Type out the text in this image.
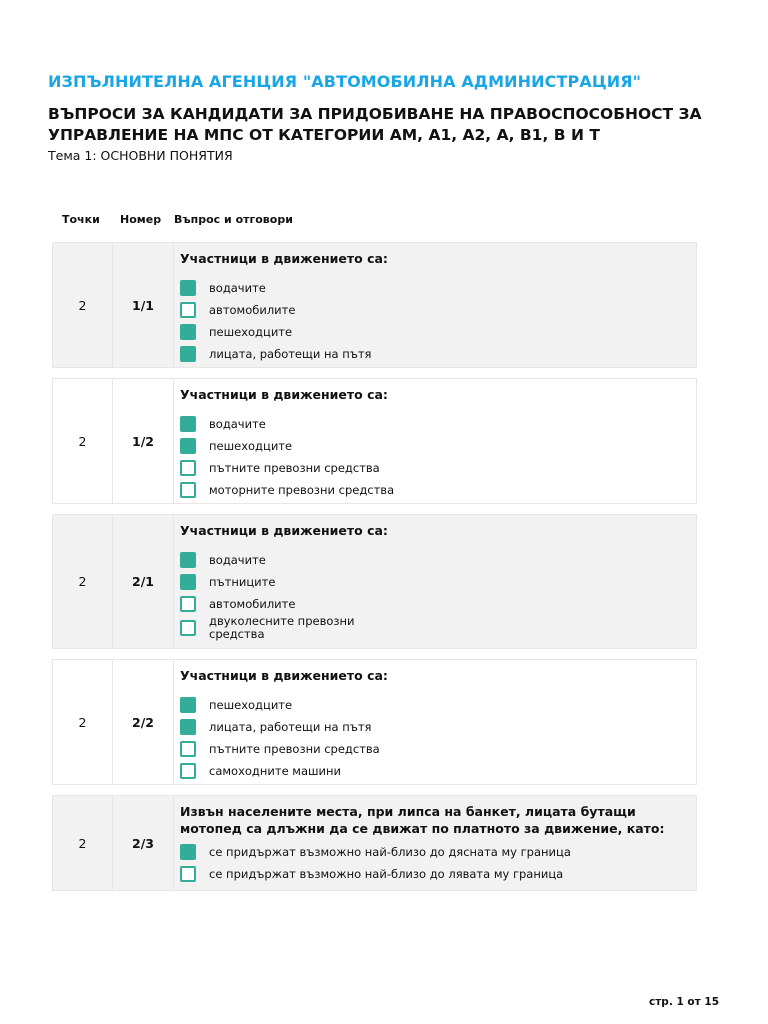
ИЗПЪЛНИТЕЛНА АГЕНЦИЯ "АВТОМОБИЛНА АДМИНИСТРАЦИЯ"
ВЪПРОСИ ЗА КАНДИДАТИ ЗА ПРИДОБИВАНЕ НА ПРАВОСПОСОБНОСТ ЗА УПРАВЛЕНИЕ НА МПС ОТ КАТЕГОРИИ АМ, А1, А2, А, В1, В И Т
Тема 1: ОСНОВНИ ПОНЯТИЯ
Точки Номер Въпрос и отговори
2	1/1
Участници в движението са:
водачите
автомобилите
пешеходците
лицата, работещи на пътя
2	1/2
Участници в движението са:
водачите
пешеходците
пътните превозни средства
моторните превозни средства
2	2/1
Участници в движението са:
водачите
пътниците
автомобилите
двуколесните превозни средства
2	2/2
Участници в движението са:
пешеходците
лицата, работещи на пътя
пътните превозни средства
самоходните машини
2	2/3
Извън населените места, при липса на банкет, лицата бутащи мотопед са длъжни да се движат по платното за движение, като:
се придържат възможно най-близо до дясната му граница
се придържат възможно най-близо до лявата му граница
стр. 1 от 15
